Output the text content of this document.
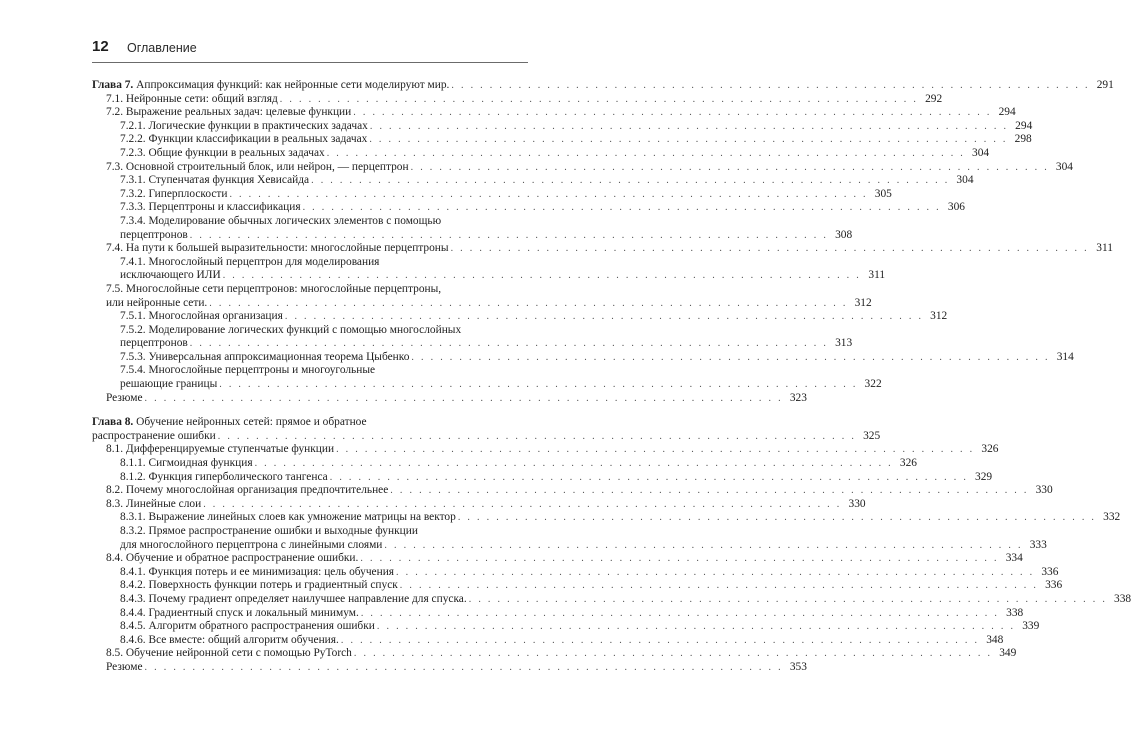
12 Оглавление
Глава 7. Аппроксимация функций: как нейронные сети моделируют мир. . . . . . . . . . . . . . . . . . . . . . . . . . . . . . . . . . . . . . . . . . . . . . . . . . . . . . . . . . . . . . . . . . . . 291
7.1. Нейронные сети: общий взгляд . . . . . . . . . . . . . . . . . . . . . . . . . . . . . . . . . . . . . . . . . . . . . . . . . . . . . . . . . . . . . . . . . . . 292
7.2. Выражение реальных задач: целевые функции . . . . . . . . . . . . . . . . . . . . . . . . . . . . . . . . . . . . . . . . . . . . . . . . . . . . . . . . . . . . . . . . . . . 294
7.2.1. Логические функции в практических задачах . . . . . . . . . . . . . . . . . . . . . . . . . . . . . . . . . . . . . . . . . . . . . . . . . . . . . . . . . . . . . . . . . . . 294
7.2.2. Функции классификации в реальных задачах . . . . . . . . . . . . . . . . . . . . . . . . . . . . . . . . . . . . . . . . . . . . . . . . . . . . . . . . . . . . . . . . . . . 298
7.2.3. Общие функции в реальных задачах . . . . . . . . . . . . . . . . . . . . . . . . . . . . . . . . . . . . . . . . . . . . . . . . . . . . . . . . . . . . . . . . . . . 304
7.3. Основной строительный блок, или нейрон, — перцептрон . . . . . . . . . . . . . . . . . . . . . . . . . . . . . . . . . . . . . . . . . . . . . . . . . . . . . . . . . . . . . . . . . . . 304
7.3.1. Ступенчатая функция Хевисайда . . . . . . . . . . . . . . . . . . . . . . . . . . . . . . . . . . . . . . . . . . . . . . . . . . . . . . . . . . . . . . . . . . . 304
7.3.2. Гиперплоскости . . . . . . . . . . . . . . . . . . . . . . . . . . . . . . . . . . . . . . . . . . . . . . . . . . . . . . . . . . . . . . . . . . . 305
7.3.3. Перцептроны и классификация . . . . . . . . . . . . . . . . . . . . . . . . . . . . . . . . . . . . . . . . . . . . . . . . . . . . . . . . . . . . . . . . . . . 306
7.3.4. Моделирование обычных логических элементов с помощью
перцептронов . . . . . . . . . . . . . . . . . . . . . . . . . . . . . . . . . . . . . . . . . . . . . . . . . . . . . . . . . . . . . . . . . . . 308
7.4. На пути к большей выразительности: многослойные перцептроны . . . . . . . . . . . . . . . . . . . . . . . . . . . . . . . . . . . . . . . . . . . . . . . . . . . . . . . . . . . . . . . . . . . 311
7.4.1. Многослойный перцептрон для моделирования
исключающего ИЛИ . . . . . . . . . . . . . . . . . . . . . . . . . . . . . . . . . . . . . . . . . . . . . . . . . . . . . . . . . . . . . . . . . . . 311
7.5. Многослойные сети перцептронов: многослойные перцептроны,
или нейронные сети. . . . . . . . . . . . . . . . . . . . . . . . . . . . . . . . . . . . . . . . . . . . . . . . . . . . . . . . . . . . . . . . . . . . 312
7.5.1. Многослойная организация . . . . . . . . . . . . . . . . . . . . . . . . . . . . . . . . . . . . . . . . . . . . . . . . . . . . . . . . . . . . . . . . . . . 312
7.5.2. Моделирование логических функций с помощью многослойных
перцептронов . . . . . . . . . . . . . . . . . . . . . . . . . . . . . . . . . . . . . . . . . . . . . . . . . . . . . . . . . . . . . . . . . . . 313
7.5.3. Универсальная аппроксимационная теорема Цыбенко . . . . . . . . . . . . . . . . . . . . . . . . . . . . . . . . . . . . . . . . . . . . . . . . . . . . . . . . . . . . . . . . . . . 314
7.5.4. Многослойные перцептроны и многоугольные
решающие границы . . . . . . . . . . . . . . . . . . . . . . . . . . . . . . . . . . . . . . . . . . . . . . . . . . . . . . . . . . . . . . . . . . . 322
Резюме . . . . . . . . . . . . . . . . . . . . . . . . . . . . . . . . . . . . . . . . . . . . . . . . . . . . . . . . . . . . . . . . . . . 323
Глава 8. Обучение нейронных сетей: прямое и обратное
распространение ошибки . . . . . . . . . . . . . . . . . . . . . . . . . . . . . . . . . . . . . . . . . . . . . . . . . . . . . . . . . . . . . . . . . . . 325
8.1. Дифференцируемые ступенчатые функции . . . . . . . . . . . . . . . . . . . . . . . . . . . . . . . . . . . . . . . . . . . . . . . . . . . . . . . . . . . . . . . . . . . 326
8.1.1. Сигмоидная функция . . . . . . . . . . . . . . . . . . . . . . . . . . . . . . . . . . . . . . . . . . . . . . . . . . . . . . . . . . . . . . . . . . . 326
8.1.2. Функция гиперболического тангенса . . . . . . . . . . . . . . . . . . . . . . . . . . . . . . . . . . . . . . . . . . . . . . . . . . . . . . . . . . . . . . . . . . . 329
8.2. Почему многослойная организация предпочтительнее . . . . . . . . . . . . . . . . . . . . . . . . . . . . . . . . . . . . . . . . . . . . . . . . . . . . . . . . . . . . . . . . . . . 330
8.3. Линейные слои . . . . . . . . . . . . . . . . . . . . . . . . . . . . . . . . . . . . . . . . . . . . . . . . . . . . . . . . . . . . . . . . . . . 330
8.3.1. Выражение линейных слоев как умножение матрицы на вектор . . . . . . . . . . . . . . . . . . . . . . . . . . . . . . . . . . . . . . . . . . . . . . . . . . . . . . . . . . . . . . . . . . . 332
8.3.2. Прямое распространение ошибки и выходные функции
для многослойного перцептрона с линейными слоями . . . . . . . . . . . . . . . . . . . . . . . . . . . . . . . . . . . . . . . . . . . . . . . . . . . . . . . . . . . . . . . . . . . 333
8.4. Обучение и обратное распространение ошибки. . . . . . . . . . . . . . . . . . . . . . . . . . . . . . . . . . . . . . . . . . . . . . . . . . . . . . . . . . . . . . . . . . . . 334
8.4.1. Функция потерь и ее минимизация: цель обучения . . . . . . . . . . . . . . . . . . . . . . . . . . . . . . . . . . . . . . . . . . . . . . . . . . . . . . . . . . . . . . . . . . . 336
8.4.2. Поверхность функции потерь и градиентный спуск . . . . . . . . . . . . . . . . . . . . . . . . . . . . . . . . . . . . . . . . . . . . . . . . . . . . . . . . . . . . . . . . . . . 336
8.4.3. Почему градиент определяет наилучшее направление для спуска. . . . . . . . . . . . . . . . . . . . . . . . . . . . . . . . . . . . . . . . . . . . . . . . . . . . . . . . . . . . . . . . . . . . 338
8.4.4. Градиентный спуск и локальный минимум. . . . . . . . . . . . . . . . . . . . . . . . . . . . . . . . . . . . . . . . . . . . . . . . . . . . . . . . . . . . . . . . . . . . 338
8.4.5. Алгоритм обратного распространения ошибки . . . . . . . . . . . . . . . . . . . . . . . . . . . . . . . . . . . . . . . . . . . . . . . . . . . . . . . . . . . . . . . . . . . 339
8.4.6. Все вместе: общий алгоритм обучения. . . . . . . . . . . . . . . . . . . . . . . . . . . . . . . . . . . . . . . . . . . . . . . . . . . . . . . . . . . . . . . . . . . . 348
8.5. Обучение нейронной сети с помощью PyTorch . . . . . . . . . . . . . . . . . . . . . . . . . . . . . . . . . . . . . . . . . . . . . . . . . . . . . . . . . . . . . . . . . . . 349
Резюме . . . . . . . . . . . . . . . . . . . . . . . . . . . . . . . . . . . . . . . . . . . . . . . . . . . . . . . . . . . . . . . . . . . 353
